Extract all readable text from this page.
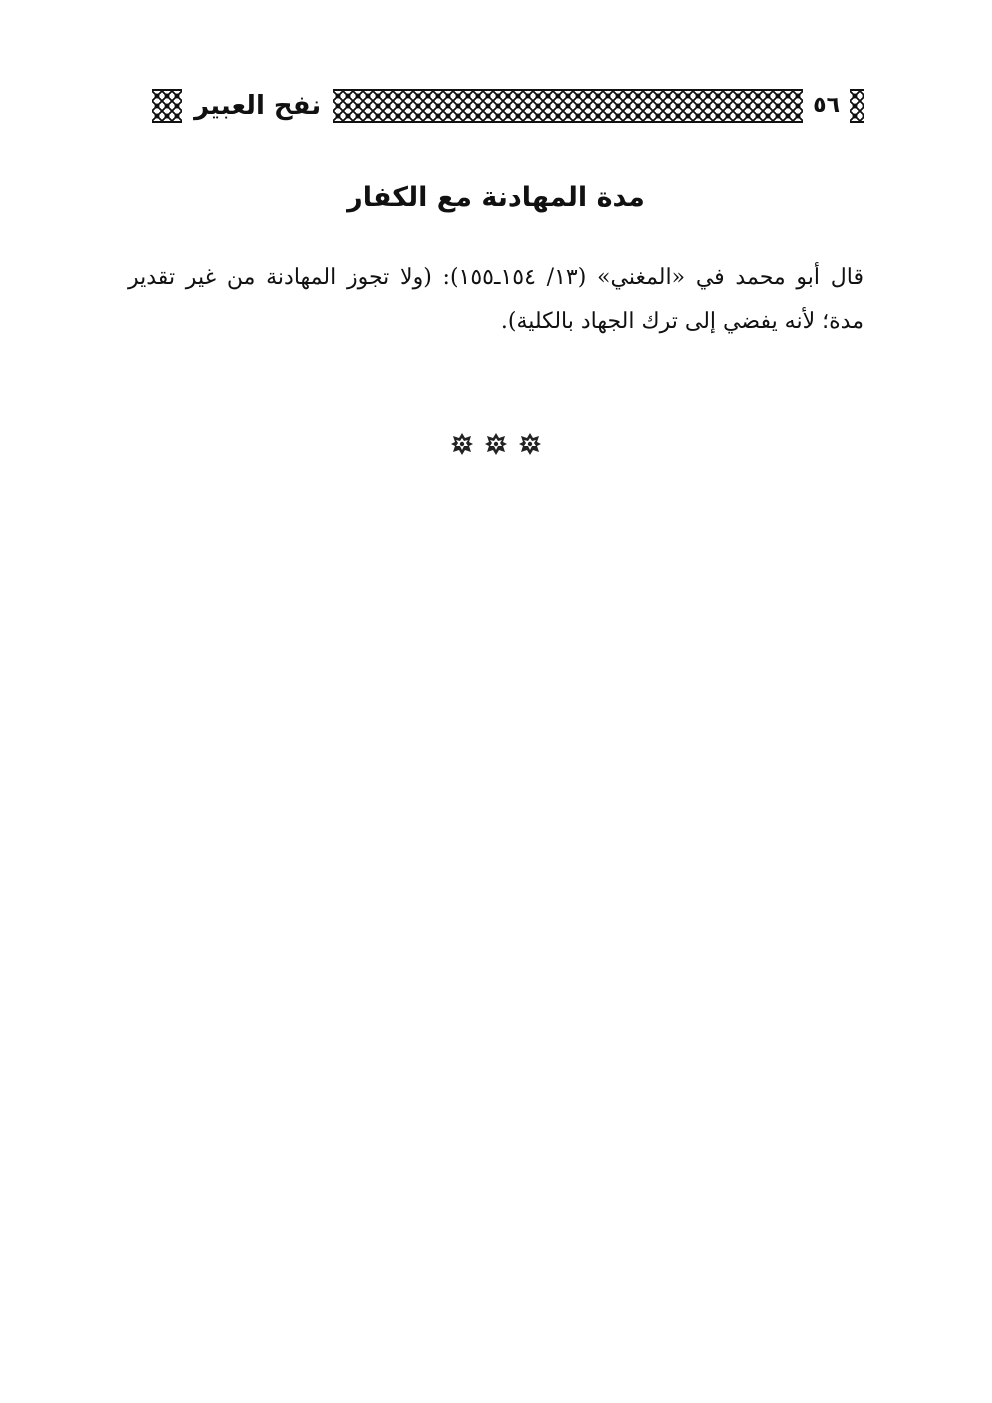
٥٦
نفح العبير
مدة المهادنة مع الكفار

قال أبو محمد في «المغني» (١٣/ ١٥٤ـ١٥٥): (ولا تجوز المهادنة من غير تقدير مدة؛ لأنه يفضي إلى ترك الجهاد بالكلية).
